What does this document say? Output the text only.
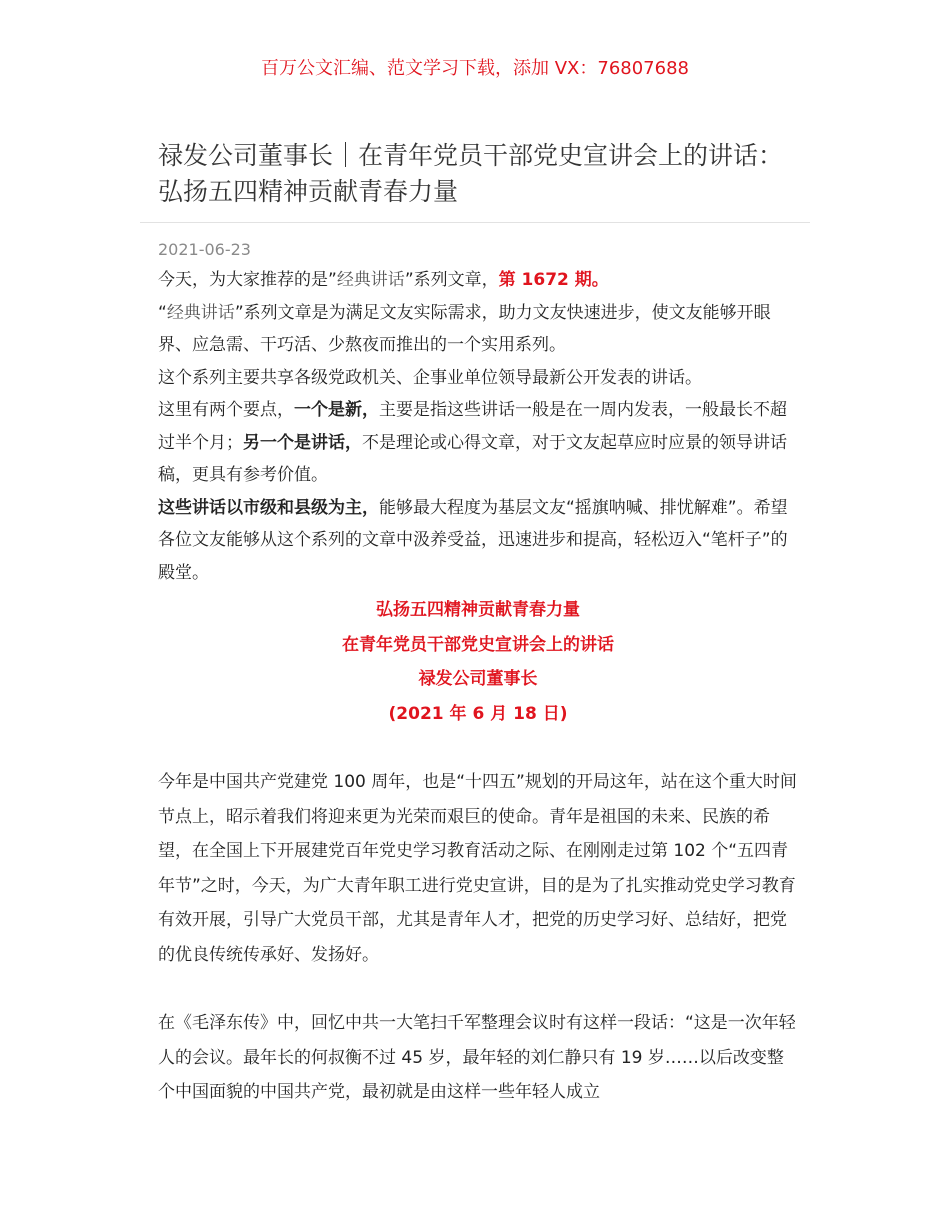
百万公文汇编、范文学习下载，添加 VX：76807688
禄发公司董事长｜在青年党员干部党史宣讲会上的讲话：弘扬五四精神贡献青春力量
2021-06-23

今天，为大家推荐的是”经典讲话”系列文章，第 1672 期。

“经典讲话”系列文章是为满足文友实际需求，助力文友快速进步，使文友能够开眼界、应急需、干巧活、少熬夜而推出的一个实用系列。

这个系列主要共享各级党政机关、企事业单位领导最新公开发表的讲话。

这里有两个要点，一个是新，主要是指这些讲话一般是在一周内发表，一般最长不超过半个月；另一个是讲话，不是理论或心得文章，对于文友起草应时应景的领导讲话稿，更具有参考价值。

这些讲话以市级和县级为主，能够最大程度为基层文友“摇旗呐喊、排忧解难”。希望各位文友能够从这个系列的文章中汲养受益，迅速进步和提高，轻松迈入“笔杆子”的殿堂。

弘扬五四精神贡献青春力量
在青年党员干部党史宣讲会上的讲话
禄发公司董事长
(2021 年 6 月 18 日)

今年是中国共产党建党 100 周年，也是“十四五”规划的开局这年，站在这个重大时间节点上，昭示着我们将迎来更为光荣而艰巨的使命。青年是祖国的未来、民族的希望，在全国上下开展建党百年党史学习教育活动之际、在刚刚走过第 102 个“五四青年节”之时，今天，为广大青年职工进行党史宣讲，目的是为了扎实推动党史学习教育有效开展，引导广大党员干部，尤其是青年人才，把党的历史学习好、总结好，把党的优良传统传承好、发扬好。

在《毛泽东传》中，回忆中共一大笔扫千军整理会议时有这样一段话：“这是一次年轻人的会议。最年长的何叔衡不过 45 岁，最年轻的刘仁静只有 19 岁……以后改变整个中国面貌的中国共产党，最初就是由这样一些年轻人成立
